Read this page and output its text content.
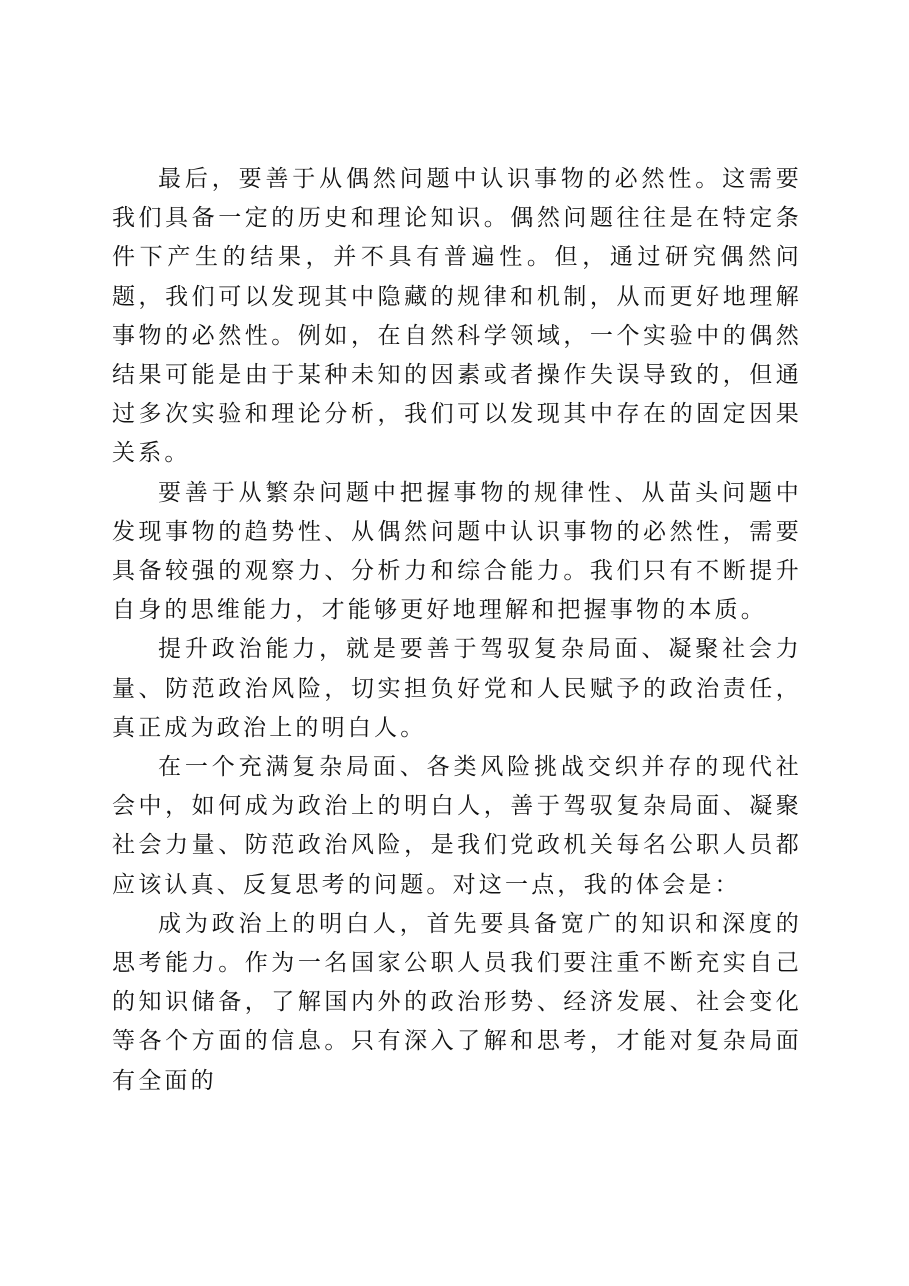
最后，要善于从偶然问题中认识事物的必然性。这需要我们具备一定的历史和理论知识。偶然问题往往是在特定条件下产生的结果，并不具有普遍性。但，通过研究偶然问题，我们可以发现其中隐藏的规律和机制，从而更好地理解事物的必然性。例如，在自然科学领域，一个实验中的偶然结果可能是由于某种未知的因素或者操作失误导致的，但通过多次实验和理论分析，我们可以发现其中存在的固定因果关系。

要善于从繁杂问题中把握事物的规律性、从苗头问题中发现事物的趋势性、从偶然问题中认识事物的必然性，需要具备较强的观察力、分析力和综合能力。我们只有不断提升自身的思维能力，才能够更好地理解和把握事物的本质。

提升政治能力，就是要善于驾驭复杂局面、凝聚社会力量、防范政治风险，切实担负好党和人民赋予的政治责任，真正成为政治上的明白人。

在一个充满复杂局面、各类风险挑战交织并存的现代社会中，如何成为政治上的明白人，善于驾驭复杂局面、凝聚社会力量、防范政治风险，是我们党政机关每名公职人员都应该认真、反复思考的问题。对这一点，我的体会是：

成为政治上的明白人，首先要具备宽广的知识和深度的思考能力。作为一名国家公职人员我们要注重不断充实自己的知识储备，了解国内外的政治形势、经济发展、社会变化等各个方面的信息。只有深入了解和思考，才能对复杂局面有全面的
